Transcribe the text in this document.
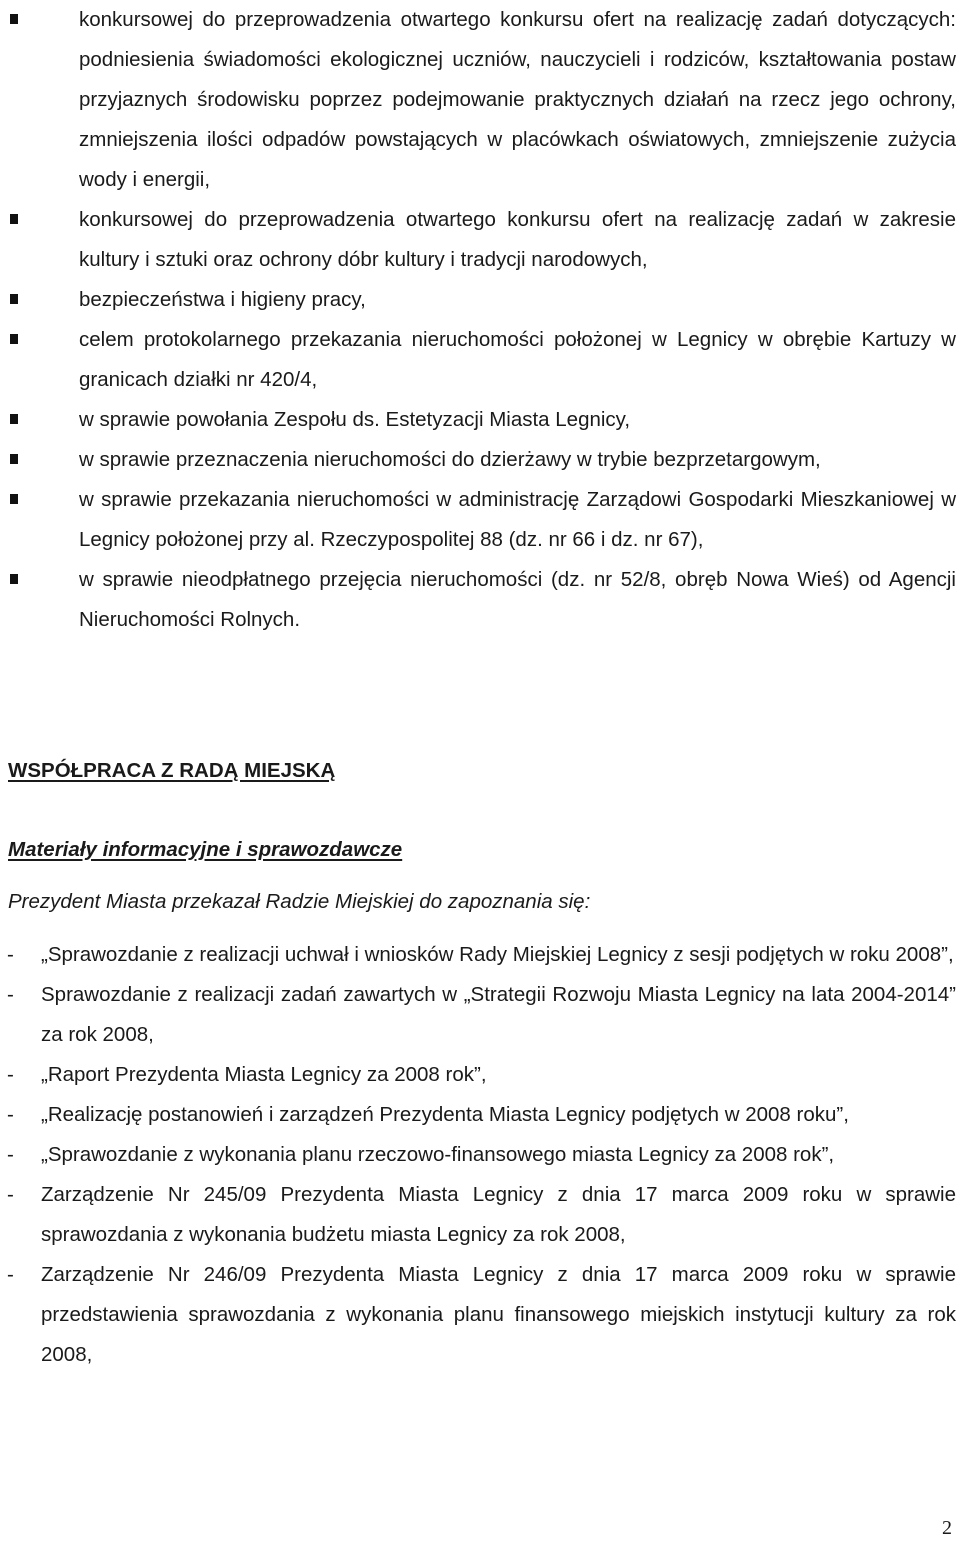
konkursowej do przeprowadzenia otwartego konkursu ofert na realizację zadań dotyczących: podniesienia świadomości ekologicznej uczniów, nauczycieli i rodziców, kształtowania postaw przyjaznych środowisku poprzez podejmowanie praktycznych działań na rzecz jego ochrony, zmniejszenia ilości odpadów powstających w placówkach oświatowych, zmniejszenie zużycia wody i energii,
konkursowej do przeprowadzenia otwartego konkursu ofert na realizację zadań w zakresie kultury i sztuki oraz ochrony dóbr kultury i tradycji narodowych,
bezpieczeństwa i higieny pracy,
celem protokolarnego przekazania nieruchomości położonej w Legnicy w obrębie Kartuzy w granicach działki nr 420/4,
w sprawie powołania Zespołu ds. Estetyzacji Miasta Legnicy,
w sprawie przeznaczenia nieruchomości do dzierżawy w trybie bezprzetargowym,
w sprawie przekazania nieruchomości w administrację Zarządowi Gospodarki Mieszkaniowej w Legnicy położonej przy al. Rzeczypospolitej 88 (dz. nr 66 i dz. nr 67),
w sprawie nieodpłatnego przejęcia nieruchomości (dz. nr 52/8, obręb Nowa Wieś) od Agencji Nieruchomości Rolnych.
WSPÓŁPRACA Z RADĄ MIEJSKĄ
Materiały informacyjne i sprawozdawcze

Prezydent Miasta przekazał Radzie Miejskiej do zapoznania się:

- „Sprawozdanie z realizacji uchwał i wniosków Rady Miejskiej Legnicy z sesji podjętych w roku 2008”,
- Sprawozdanie z realizacji zadań zawartych w „Strategii Rozwoju Miasta Legnicy na lata 2004-2014” za rok 2008,
- „Raport Prezydenta Miasta Legnicy za 2008 rok”,
- „Realizację postanowień i zarządzeń Prezydenta Miasta Legnicy podjętych w 2008 roku”,
- „Sprawozdanie z wykonania planu rzeczowo-finansowego miasta Legnicy za 2008 rok”,
- Zarządzenie Nr 245/09 Prezydenta Miasta Legnicy z dnia 17 marca 2009 roku w sprawie sprawozdania z wykonania budżetu miasta Legnicy za rok 2008,
- Zarządzenie Nr 246/09 Prezydenta Miasta Legnicy z dnia 17 marca 2009 roku w sprawie przedstawienia sprawozdania z wykonania planu finansowego miejskich instytucji kultury za rok 2008,
2
